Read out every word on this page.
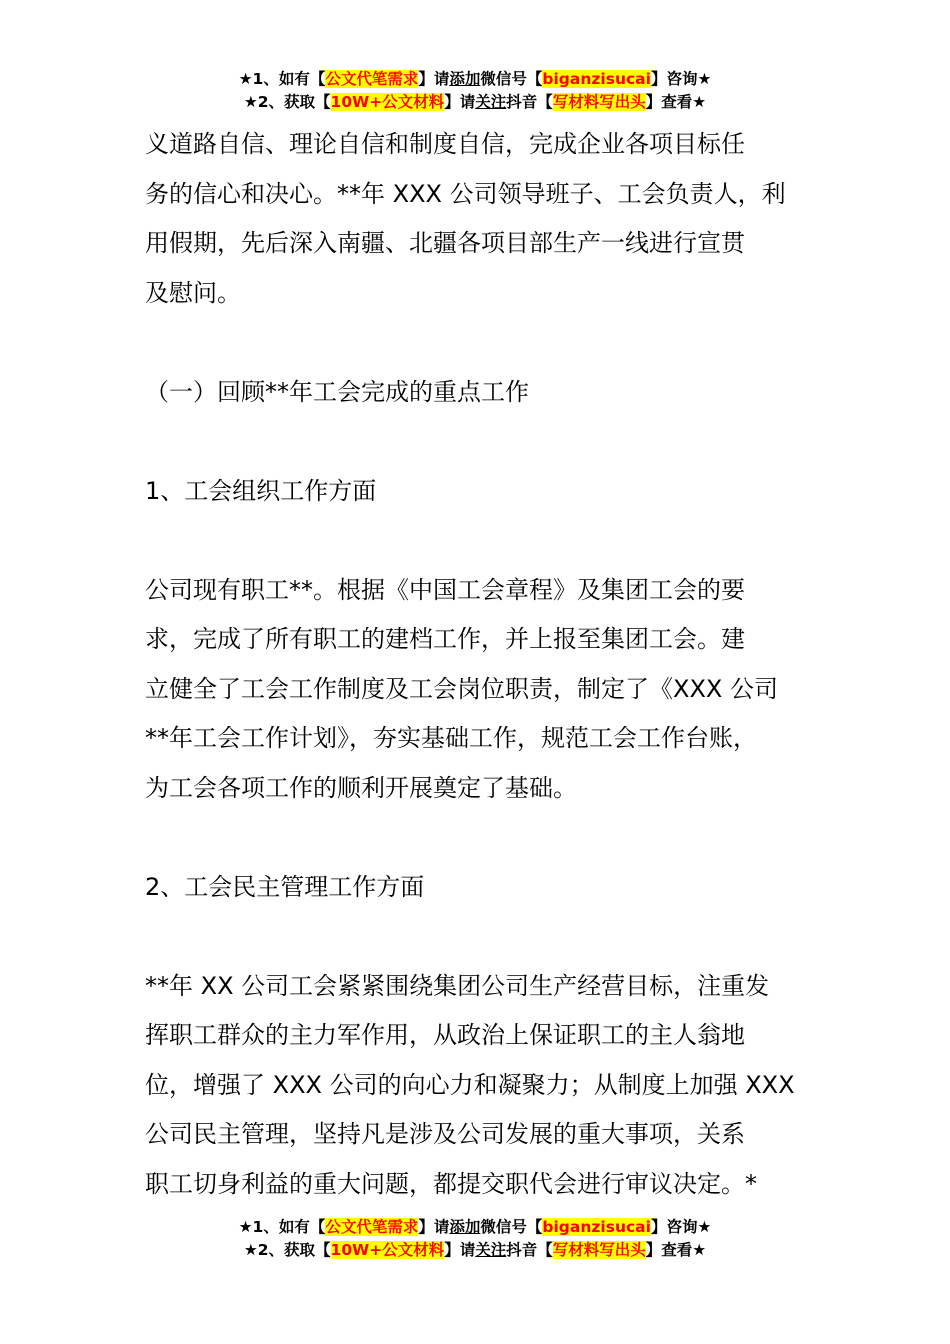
★1、如有【公文代笔需求】请添加微信号【biganzisucai】咨询★
★2、获取【10W+公文材料】请关注抖音【写材料写出头】查看★

义道路自信、理论自信和制度自信，完成企业各项目标任

务的信心和决心。**年 XXX 公司领导班子、工会负责人，利

用假期，先后深入南疆、北疆各项目部生产一线进行宣贯

及慰问。

（一）回顾**年工会完成的重点工作

1、工会组织工作方面

公司现有职工**。根据《中国工会章程》及集团工会的要

求，完成了所有职工的建档工作，并上报至集团工会。建

立健全了工会工作制度及工会岗位职责，制定了《XXX 公司

**年工会工作计划》，夯实基础工作，规范工会工作台账，

为工会各项工作的顺利开展奠定了基础。

2、工会民主管理工作方面

**年 XX 公司工会紧紧围绕集团公司生产经营目标，注重发

挥职工群众的主力军作用，从政治上保证职工的主人翁地

位，增强了 XXX 公司的向心力和凝聚力；从制度上加强 XXX

公司民主管理，坚持凡是涉及公司发展的重大事项，关系

职工切身利益的重大问题，都提交职代会进行审议决定。*

★1、如有【公文代笔需求】请添加微信号【biganzisucai】咨询★
★2、获取【10W+公文材料】请关注抖音【写材料写出头】查看★
